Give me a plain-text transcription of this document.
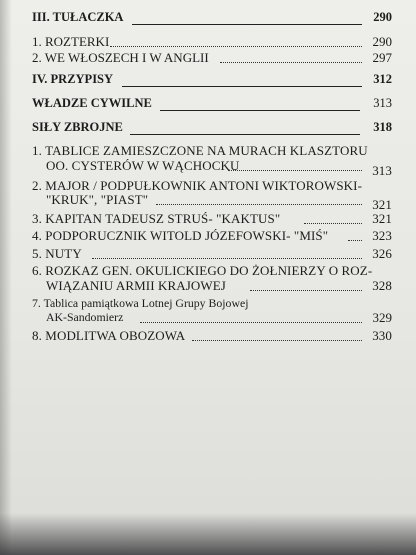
III. TUŁACZKA	290
1. ROZTERKI	290
2. WE WŁOSZECH I W ANGLII	297
IV. PRZYPISY	312
WŁADZE CYWILNE	313
SIŁY ZBROJNE	318
1. TABLICE ZAMIESZCZONE NA MURACH KLASZTORU
OO. CYSTERÓW W WĄCHOCKU	313
2. MAJOR / PODPUŁKOWNIK ANTONI WIKTOROWSKI-
"KRUK", "PIAST"	321
3. KAPITAN TADEUSZ STRUŚ- "KAKTUS"	321
4. PODPORUCZNIK WITOLD JÓZEFOWSKI- "MIŚ"	323
5. NUTY	326
6. ROZKAZ GEN. OKULICKIEGO DO ŻOŁNIERZY O ROZ-
WIĄZANIU ARMII KRAJOWEJ	328
7. Tablica pamiątkowa Lotnej Grupy Bojowej
AK-Sandomierz	329
8. MODLITWA OBOZOWA	330
